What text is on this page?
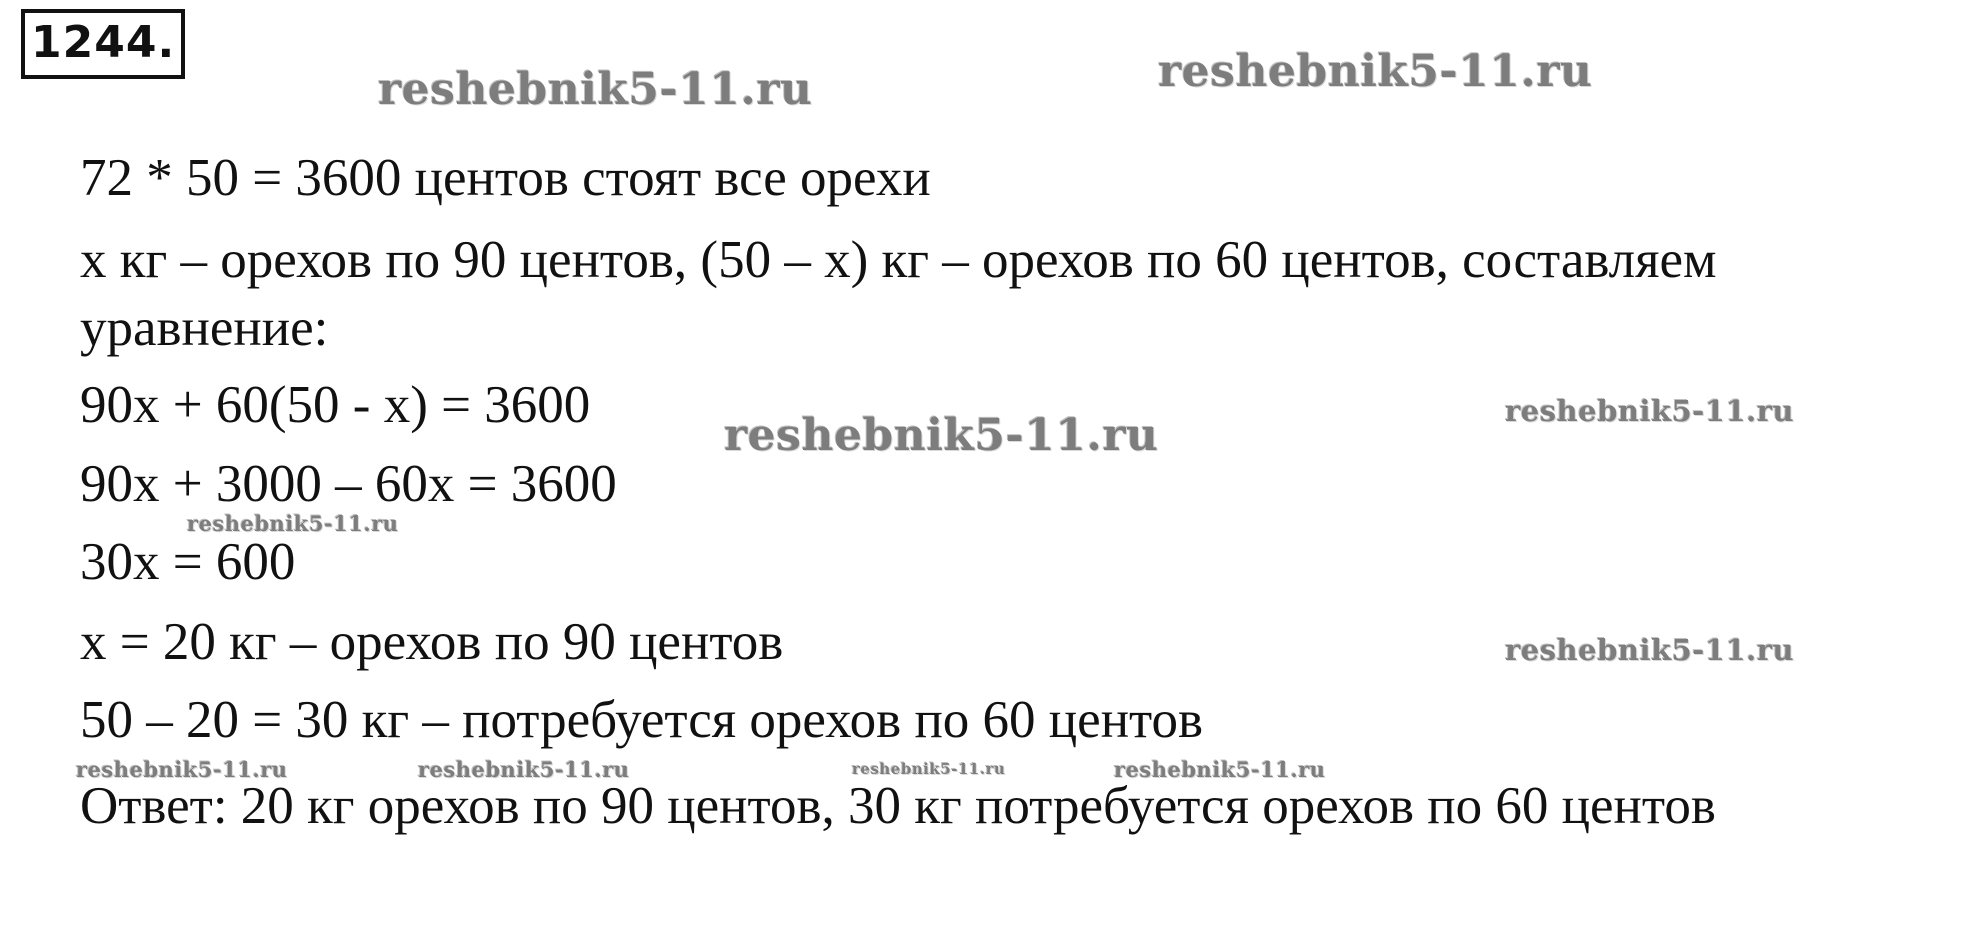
1244.
reshebnik5-11.ru	reshebnik5-11.ru
reshebnik5-11.ru	reshebnik5-11.ru
reshebnik5-11.ru
reshebnik5-11.ru
reshebnik5-11.ru	reshebnik5-11.ru	reshebnik5-11.ru	reshebnik5-11.ru
72 * 50 = 3600 центов стоят все орехи
х кг – орехов по 90 центов, (50 – х) кг – орехов по 60 центов, составляем
уравнение:
90х + 60(50 - х) = 3600
90х + 3000 – 60х = 3600
30х = 600
х = 20 кг – орехов по 90 центов
50 – 20 = 30 кг – потребуется орехов по 60 центов
Ответ: 20 кг орехов по 90 центов, 30 кг потребуется орехов по 60 центов
